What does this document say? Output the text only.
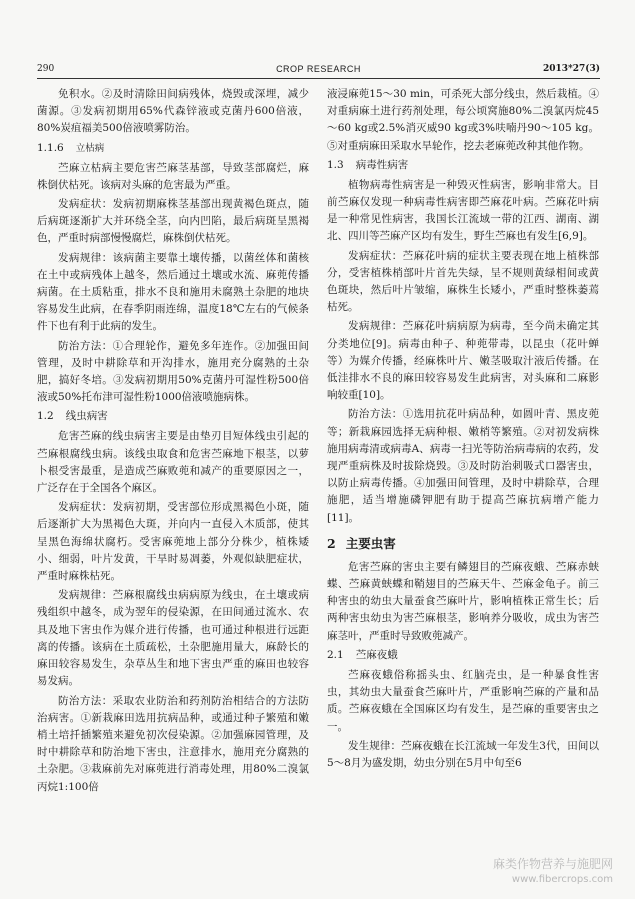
290	CROP RESEARCH	2013*27(3)

免积水。②及时清除田间病残体，烧毁或深埋，减少菌源。③发病初期用65%代森锌液或克菌丹600倍液，80%炭疽福美500倍液喷雾防治。

1.1.6 立枯病

苎麻立枯病主要危害苎麻茎基部，导致茎部腐烂，麻株倒伏枯死。该病对头麻的危害最为严重。

发病症状：发病初期麻株茎基部出现黄褐色斑点，随后病斑逐渐扩大并环绕全茎，向内凹陷，最后病斑呈黑褐色，严重时病部慢慢腐烂，麻株倒伏枯死。

发病规律：该病菌主要靠土壤传播，以菌丝体和菌核在土中或病残体上越冬，然后通过土壤或水流、麻蔸传播病菌。在土质粘重，排水不良和施用未腐熟土杂肥的地块容易发生此病，在春季阴雨连绵，温度18℃左右的气候条件下也有利于此病的发生。

防治方法：①合理轮作，避免多年连作。②加强田间管理，及时中耕除草和开沟排水，施用充分腐熟的土杂肥，搞好冬培。③发病初期用50%克菌丹可湿性粉500倍液或50%托布津可湿性粉1000倍液喷施病株。

1.2 线虫病害

危害苎麻的线虫病害主要是由垫刃目短体线虫引起的苎麻根腐线虫病。该线虫取食和危害苎麻地下根茎，以萝卜根受害最重，是造成苎麻败蔸和减产的重要原因之一，广泛存在于全国各个麻区。

发病症状：发病初期，受害部位形成黑褐色小斑，随后逐渐扩大为黑褐色大斑，并向内一直侵入木质部，使其呈黑色海绵状腐朽。受害麻蔸地上部分分株少，植株矮小、细弱，叶片发黄，干旱时易凋萎，外观似缺肥症状，严重时麻株枯死。

发病规律：苎麻根腐线虫病病原为线虫，在土壤或病残组织中越冬，成为翌年的侵染源，在田间通过流水、农具及地下害虫作为媒介进行传播，也可通过种根进行远距离的传播。该病在土质疏松，土杂肥施用量大，麻龄长的麻田较容易发生，杂草丛生和地下害虫严重的麻田也较容易发病。

防治方法：采取农业防治和药剂防治相结合的方法防治病害。①新栽麻田选用抗病品种，或通过种子繁殖和嫩梢土培扦插繁殖来避免初次侵染源。②加强麻园管理，及时中耕除草和防治地下害虫，注意排水，施用充分腐熟的土杂肥。③栽麻前先对麻蔸进行消毒处理，用80%二溴氯丙烷1:100倍

液浸麻蔸15～30 min，可杀死大部分线虫，然后栽植。④对重病麻土进行药剂处理，每公顷窝施80%二溴氯丙烷45～60 kg或2.5%消灭威90 kg或3%呋喃丹90～105 kg。⑤对重病麻田采取水旱轮作，挖去老麻蔸改种其他作物。

1.3 病毒性病害

植物病毒性病害是一种毁灭性病害，影响非常大。目前苎麻仅发现一种病毒性病害即苎麻花叶病。苎麻花叶病是一种常见性病害，我国长江流域一带的江西、湖南、湖北、四川等苎麻产区均有发生，野生苎麻也有发生[6,9]。

发病症状：苎麻花叶病的症状主要表现在地上植株部分，受害植株梢部叶片首先失绿，呈不规则黄绿相间或黄色斑块，然后叶片皱缩，麻株生长矮小，严重时整株萎蔫枯死。

发病规律：苎麻花叶病病原为病毒，至今尚未确定其分类地位[9]。病毒由种子、种蔸带毒，以昆虫（花叶蝉等）为媒介传播，经麻株叶片、嫩茎吸取汁液后传播。在低洼排水不良的麻田较容易发生此病害，对头麻和二麻影响较重[10]。

防治方法：①选用抗花叶病品种，如圆叶青、黑皮蔸等；新栽麻园选择无病种根、嫩梢等繁殖。②对初发病株施用病毒清或病毒A、病毒一扫光等防治病毒病的农药，发现严重病株及时拔除烧毁。③及时防治刺吸式口器害虫，以防止病毒传播。④加强田间管理，及时中耕除草，合理施肥，适当增施磷钾肥有助于提高苎麻抗病增产能力[11]。

2 主要虫害

危害苎麻的害虫主要有鳞翅目的苎麻夜蛾、苎麻赤蛱蝶、苎麻黄蛱蝶和鞘翅目的苎麻天牛、苎麻金龟子。前三种害虫的幼虫大量蚕食苎麻叶片，影响植株正常生长；后两种害虫幼虫为害苎麻根茎，影响养分吸收，成虫为害苎麻茎叶，严重时导致败蔸减产。

2.1 苎麻夜蛾

苎麻夜蛾俗称摇头虫、红脑壳虫，是一种暴食性害虫，其幼虫大量蚕食苎麻叶片，严重影响苎麻的产量和品质。苎麻夜蛾在全国麻区均有发生，是苎麻的重要害虫之一。

发生规律：苎麻夜蛾在长江流域一年发生3代，田间以5～8月为盛发期，幼虫分别在5月中旬至6

麻类作物营养与施肥网
www.fibercrops.com
